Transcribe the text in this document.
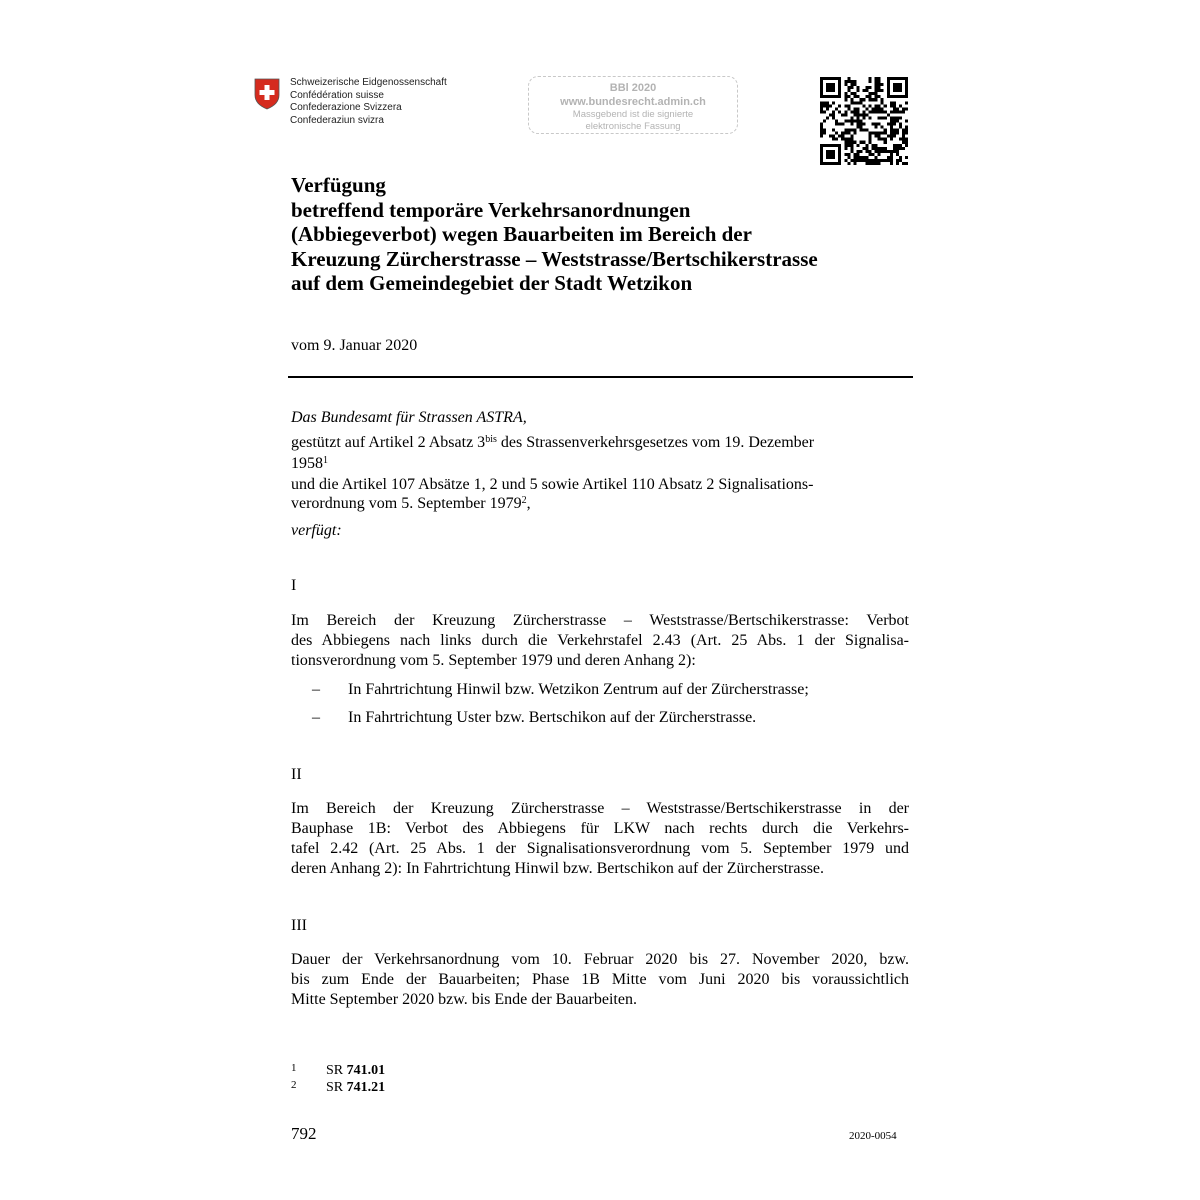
Schweizerische Eidgenossenschaft
Confédération suisse
Confederazione Svizzera
Confederaziun svizra
BBl 2020
www.bundesrecht.admin.ch
Massgebend ist die signierte
elektronische Fassung
Verfügung
betreffend temporäre Verkehrsanordnungen
(Abbiegeverbot) wegen Bauarbeiten im Bereich der
Kreuzung Zürcherstrasse – Weststrasse/Bertschikerstrasse
auf dem Gemeindegebiet der Stadt Wetzikon
vom 9. Januar 2020
Das Bundesamt für Strassen ASTRA,
gestützt auf Artikel 2 Absatz $3^{bis}$ des Strassenverkehrsgesetzes vom 19. Dezember
1958$^1$
und die Artikel 107 Absätze 1, 2 und 5 sowie Artikel 110 Absatz 2 Signalisations-
verordnung vom 5. September 1979$^2$,
verfügt:
I
Im Bereich der Kreuzung Zürcherstrasse – Weststrasse/Bertschikerstrasse: Verbot
des Abbiegens nach links durch die Verkehrstafel 2.43 (Art. 25 Abs. 1 der Signalisa-
tionsverordnung vom 5. September 1979 und deren Anhang 2):
– In Fahrtrichtung Hinwil bzw. Wetzikon Zentrum auf der Zürcherstrasse;
– In Fahrtrichtung Uster bzw. Bertschikon auf der Zürcherstrasse.
II
Im Bereich der Kreuzung Zürcherstrasse – Weststrasse/Bertschikerstrasse in der
Bauphase 1B: Verbot des Abbiegens für LKW nach rechts durch die Verkehrs-
tafel 2.42 (Art. 25 Abs. 1 der Signalisationsverordnung vom 5. September 1979 und
deren Anhang 2): In Fahrtrichtung Hinwil bzw. Bertschikon auf der Zürcherstrasse.
III
Dauer der Verkehrsanordnung vom 10. Februar 2020 bis 27. November 2020, bzw.
bis zum Ende der Bauarbeiten; Phase 1B Mitte vom Juni 2020 bis voraussichtlich
Mitte September 2020 bzw. bis Ende der Bauarbeiten.
1 SR 741.01
2 SR 741.21
792	2020-0054
